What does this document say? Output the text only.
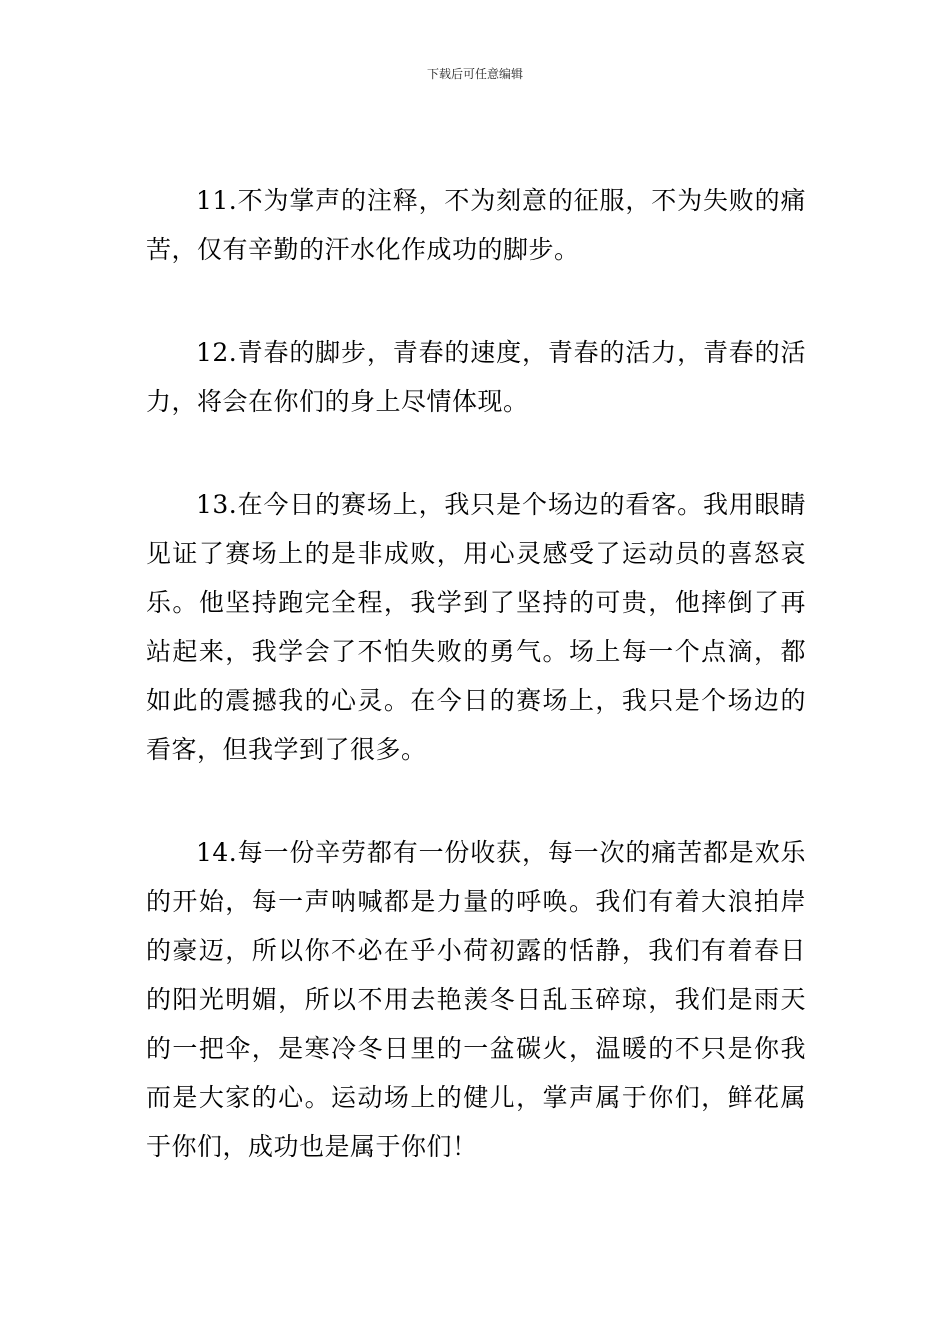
下载后可任意编辑

11.不为掌声的注释，不为刻意的征服，不为失败的痛苦，仅有辛勤的汗水化作成功的脚步。

12.青春的脚步，青春的速度，青春的活力，青春的活力，将会在你们的身上尽情体现。

13.在今日的赛场上，我只是个场边的看客。我用眼睛见证了赛场上的是非成败，用心灵感受了运动员的喜怒哀乐。他坚持跑完全程，我学到了坚持的可贵，他摔倒了再站起来，我学会了不怕失败的勇气。场上每一个点滴，都如此的震撼我的心灵。在今日的赛场上，我只是个场边的看客，但我学到了很多。

14.每一份辛劳都有一份收获，每一次的痛苦都是欢乐的开始，每一声呐喊都是力量的呼唤。我们有着大浪拍岸的豪迈，所以你不必在乎小荷初露的恬静，我们有着春日的阳光明媚，所以不用去艳羡冬日乱玉碎琼，我们是雨天的一把伞，是寒冷冬日里的一盆碳火，温暖的不只是你我而是大家的心。运动场上的健儿，掌声属于你们，鲜花属于你们，成功也是属于你们！
